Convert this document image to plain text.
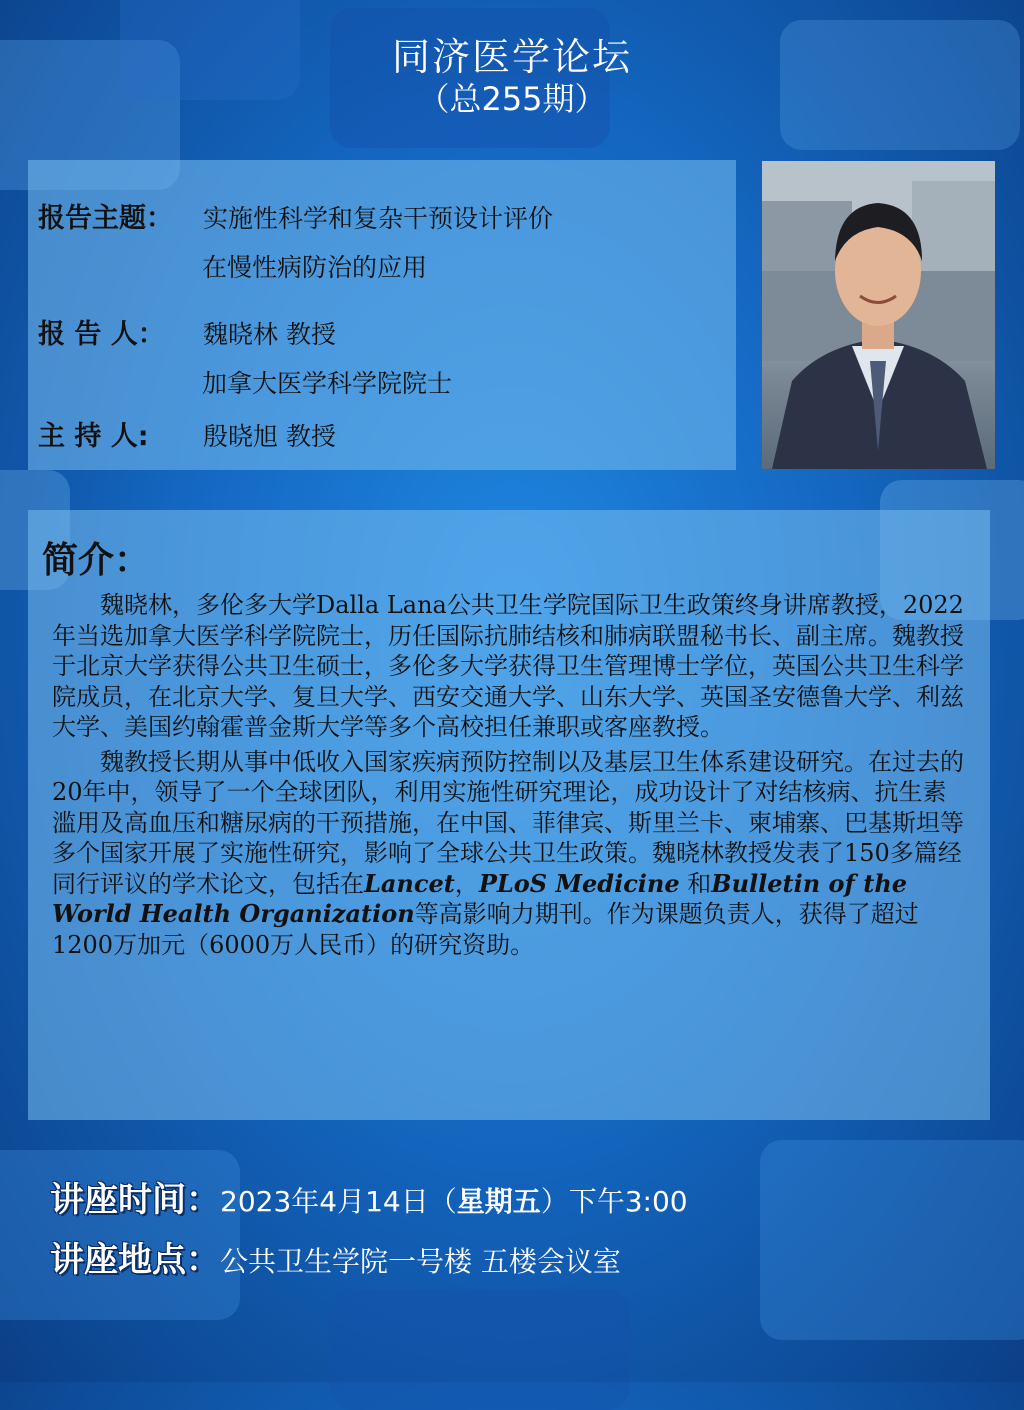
同济医学论坛
（总255期）
报告主题： 实施性科学和复杂干预设计评价
在慢性病防治的应用
报 告 人： 魏晓林 教授
加拿大医学科学院院士
主 持 人: 殷晓旭 教授
简介：

魏晓林，多伦多大学Dalla Lana公共卫生学院国际卫生政策终身讲席教授，2022年当选加拿大医学科学院院士，历任国际抗肺结核和肺病联盟秘书长、副主席。魏教授于北京大学获得公共卫生硕士，多伦多大学获得卫生管理博士学位，英国公共卫生科学院成员，在北京大学、复旦大学、西安交通大学、山东大学、英国圣安德鲁大学、利兹大学、美国约翰霍普金斯大学等多个高校担任兼职或客座教授。

魏教授长期从事中低收入国家疾病预防控制以及基层卫生体系建设研究。在过去的20年中，领导了一个全球团队，利用实施性研究理论，成功设计了对结核病、抗生素滥用及高血压和糖尿病的干预措施，在中国、菲律宾、斯里兰卡、柬埔寨、巴基斯坦等多个国家开展了实施性研究，影响了全球公共卫生政策。魏晓林教授发表了150多篇经同行评议的学术论文，包括在Lancet，PLoS Medicine 和Bulletin of the World Health Organization等高影响力期刊。作为课题负责人，获得了超过1200万加元（6000万人民币）的研究资助。

讲座时间：2023年4月14日（星期五）下午3:00
讲座地点：公共卫生学院一号楼 五楼会议室
